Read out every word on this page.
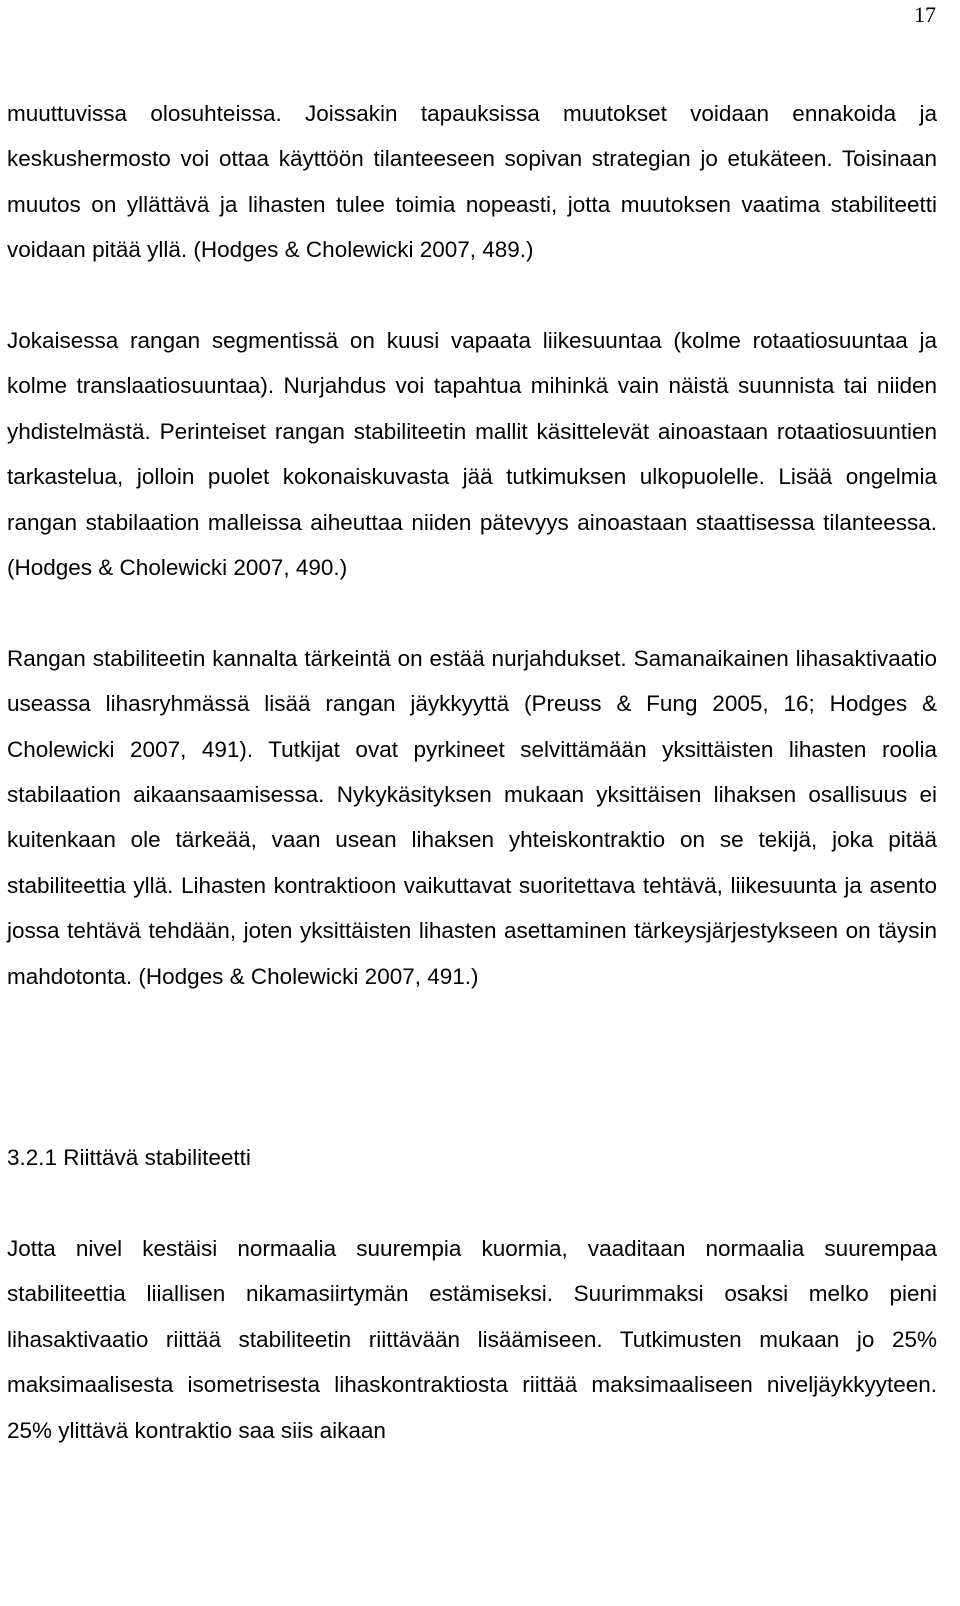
17

muuttuvissa olosuhteissa. Joissakin tapauksissa muutokset voidaan ennakoida ja keskushermosto voi ottaa käyttöön tilanteeseen sopivan strategian jo etukäteen. Toisinaan muutos on yllättävä ja lihasten tulee toimia nopeasti, jotta muutoksen vaatima stabiliteetti voidaan pitää yllä. (Hodges & Cholewicki 2007, 489.)

Jokaisessa rangan segmentissä on kuusi vapaata liikesuuntaa (kolme rotaatiosuuntaa ja kolme translaatiosuuntaa). Nurjahdus voi tapahtua mihinkä vain näistä suunnista tai niiden yhdistelmästä. Perinteiset rangan stabiliteetin mallit käsittelevät ainoastaan rotaatiosuuntien tarkastelua, jolloin puolet kokonaiskuvasta jää tutkimuksen ulkopuolelle. Lisää ongelmia rangan stabilaation malleissa aiheuttaa niiden pätevyys ainoastaan staattisessa tilanteessa. (Hodges & Cholewicki 2007, 490.)

Rangan stabiliteetin kannalta tärkeintä on estää nurjahdukset. Samanaikainen lihasaktivaatio useassa lihasryhmässä lisää rangan jäykkyyttä (Preuss & Fung 2005, 16; Hodges & Cholewicki 2007, 491). Tutkijat ovat pyrkineet selvittämään yksittäisten lihasten roolia stabilaation aikaansaamisessa. Nykykäsityksen mukaan yksittäisen lihaksen osallisuus ei kuitenkaan ole tärkeää, vaan usean lihaksen yhteiskontraktio on se tekijä, joka pitää stabiliteettia yllä. Lihasten kontraktioon vaikuttavat suoritettava tehtävä, liikesuunta ja asento jossa tehtävä tehdään, joten yksittäisten lihasten asettaminen tärkeysjärjestykseen on täysin mahdotonta. (Hodges & Cholewicki 2007, 491.)

3.2.1 Riittävä stabiliteetti

Jotta nivel kestäisi normaalia suurempia kuormia, vaaditaan normaalia suurempaa stabiliteettia liiallisen nikamasiirtymän estämiseksi. Suurimmaksi osaksi melko pieni lihasaktivaatio riittää stabiliteetin riittävään lisäämiseen. Tutkimusten mukaan jo 25% maksimaalisesta isometrisesta lihaskontraktiosta riittää maksimaaliseen niveljäykkyyteen. 25% ylittävä kontraktio saa siis aikaan
